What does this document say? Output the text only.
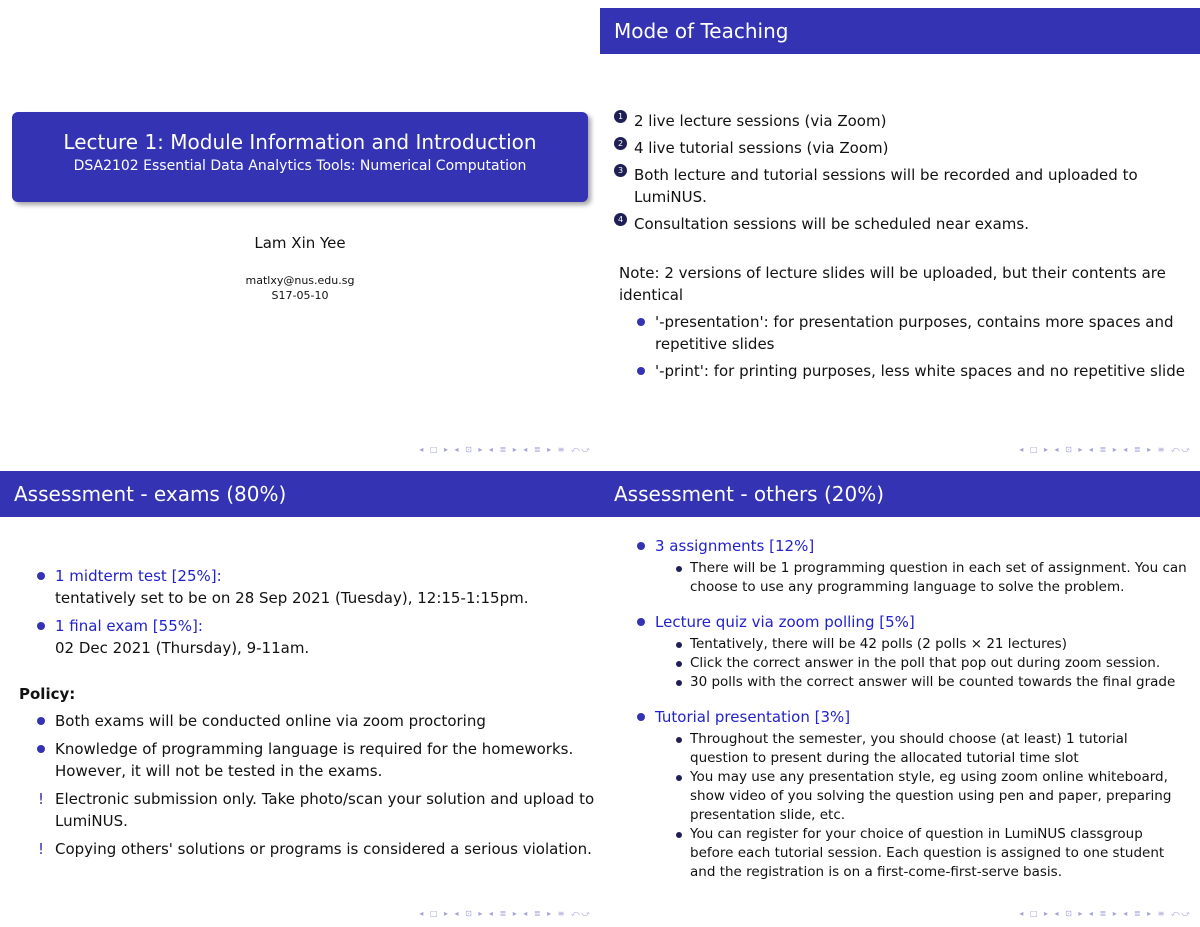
Lecture 1: Module Information and Introduction
DSA2102 Essential Data Analytics Tools: Numerical Computation
Lam Xin Yee
matlxy@nus.edu.sg
S17-05-10
◂ □ ▸ ◂ ⊡ ▸ ◂ ≣ ▸ ◂ ≣ ▸ ≡ ⤺⤻
Mode of Teaching
1 2 live lecture sessions (via Zoom)
2 4 live tutorial sessions (via Zoom)
3 Both lecture and tutorial sessions will be recorded and uploaded to LumiNUS.
4 Consultation sessions will be scheduled near exams.
Note: 2 versions of lecture slides will be uploaded, but their contents are identical
'-presentation': for presentation purposes, contains more spaces and repetitive slides
'-print': for printing purposes, less white spaces and no repetitive slide
◂ □ ▸ ◂ ⊡ ▸ ◂ ≣ ▸ ◂ ≣ ▸ ≡ ⤺⤻
Assessment - exams (80%)
1 midterm test [25%]:
tentatively set to be on 28 Sep 2021 (Tuesday), 12:15-1:15pm.
1 final exam [55%]:
02 Dec 2021 (Thursday), 9-11am.
Policy:
Both exams will be conducted online via zoom proctoring
Knowledge of programming language is required for the homeworks. However, it will not be tested in the exams.
! Electronic submission only. Take photo/scan your solution and upload to LumiNUS.
! Copying others' solutions or programs is considered a serious violation.
◂ □ ▸ ◂ ⊡ ▸ ◂ ≣ ▸ ◂ ≣ ▸ ≡ ⤺⤻
Assessment - others (20%)
3 assignments [12%]
There will be 1 programming question in each set of assignment. You can choose to use any programming language to solve the problem.
Lecture quiz via zoom polling [5%]
Tentatively, there will be 42 polls (2 polls × 21 lectures)
Click the correct answer in the poll that pop out during zoom session.
30 polls with the correct answer will be counted towards the final grade
Tutorial presentation [3%]
Throughout the semester, you should choose (at least) 1 tutorial question to present during the allocated tutorial time slot
You may use any presentation style, eg using zoom online whiteboard, show video of you solving the question using pen and paper, preparing presentation slide, etc.
You can register for your choice of question in LumiNUS classgroup before each tutorial session. Each question is assigned to one student and the registration is on a first-come-first-serve basis.
◂ □ ▸ ◂ ⊡ ▸ ◂ ≣ ▸ ◂ ≣ ▸ ≡ ⤺⤻
